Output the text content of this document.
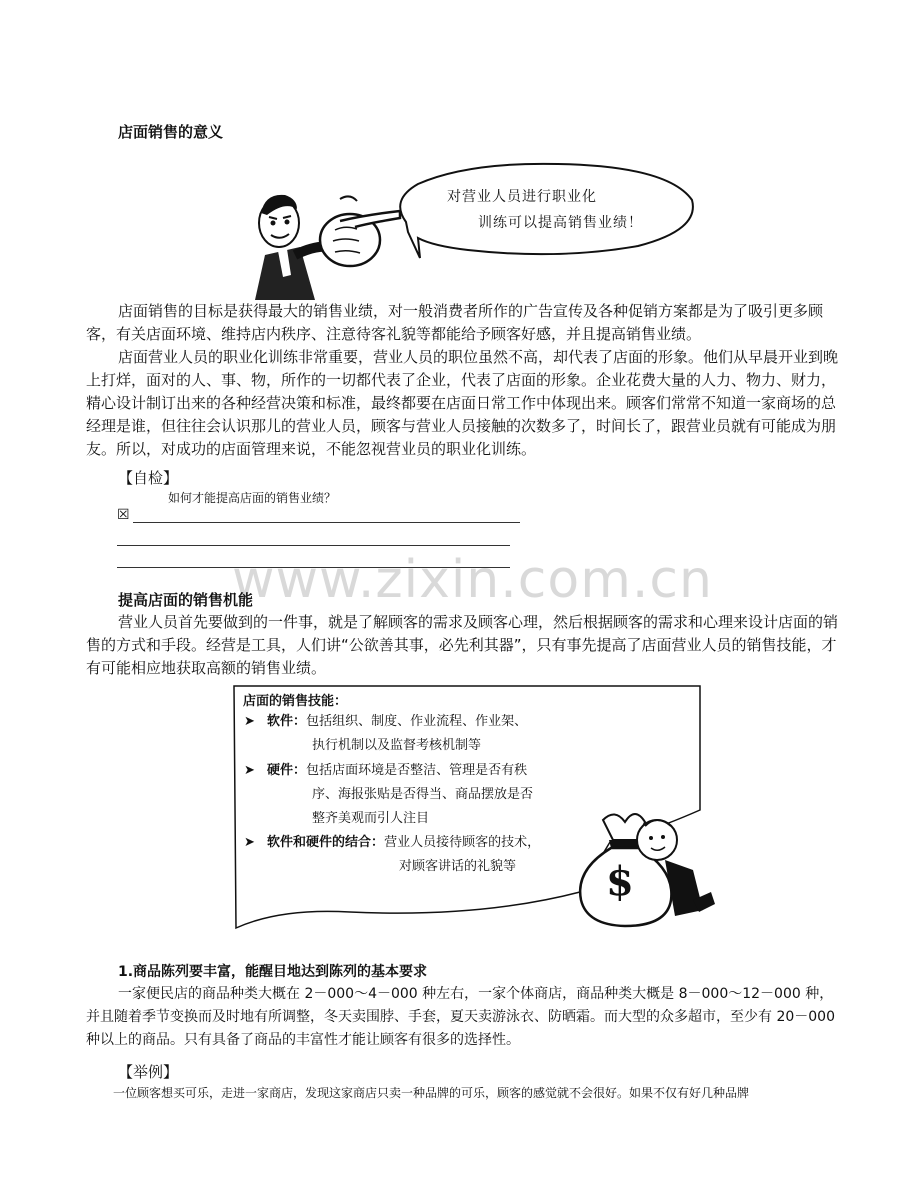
店面销售的意义
对营业人员进行职业化
训练可以提高销售业绩！

店面销售的目标是获得最大的销售业绩，对一般消费者所作的广告宣传及各种促销方案都是为了吸引更多顾客，有关店面环境、维持店内秩序、注意待客礼貌等都能给予顾客好感，并且提高销售业绩。

店面营业人员的职业化训练非常重要，营业人员的职位虽然不高，却代表了店面的形象。他们从早晨开业到晚上打烊，面对的人、事、物，所作的一切都代表了企业，代表了店面的形象。企业花费大量的人力、物力、财力，精心设计制订出来的各种经营决策和标准，最终都要在店面日常工作中体现出来。顾客们常常不知道一家商场的总经理是谁，但往往会认识那儿的营业人员，顾客与营业人员接触的次数多了，时间长了，跟营业员就有可能成为朋友。所以，对成功的店面管理来说，不能忽视营业员的职业化训练。

【自检】
如何才能提高店面的销售业绩？
☒
www.zixin.com.cn
提高店面的销售机能

营业人员首先要做到的一件事，就是了解顾客的需求及顾客心理，然后根据顾客的需求和心理来设计店面的销售的方式和手段。经营是工具，人们讲“公欲善其事，必先利其器”，只有事先提高了店面营业人员的销售技能，才有可能相应地获取高额的销售业绩。

店面的销售技能：
➤ 软件：包括组织、制度、作业流程、作业架、
执行机制以及监督考核机制等
➤ 硬件：包括店面环境是否整洁、管理是否有秩
序、海报张贴是否得当、商品摆放是否
整齐美观而引人注目
➤ 软件和硬件的结合：营业人员接待顾客的技术，
对顾客讲话的礼貌等	$
1.商品陈列要丰富，能醒目地达到陈列的基本要求

一家便民店的商品种类大概在 2－000～4－000 种左右，一家个体商店，商品种类大概是 8－000～12－000 种，并且随着季节变换而及时地有所调整，冬天卖围脖、手套，夏天卖游泳衣、防晒霜。而大型的众多超市，至少有 20－000 种以上的商品。只有具备了商品的丰富性才能让顾客有很多的选择性。

【举例】
一位顾客想买可乐，走进一家商店，发现这家商店只卖一种品牌的可乐，顾客的感觉就不会很好。如果不仅有好几种品牌
